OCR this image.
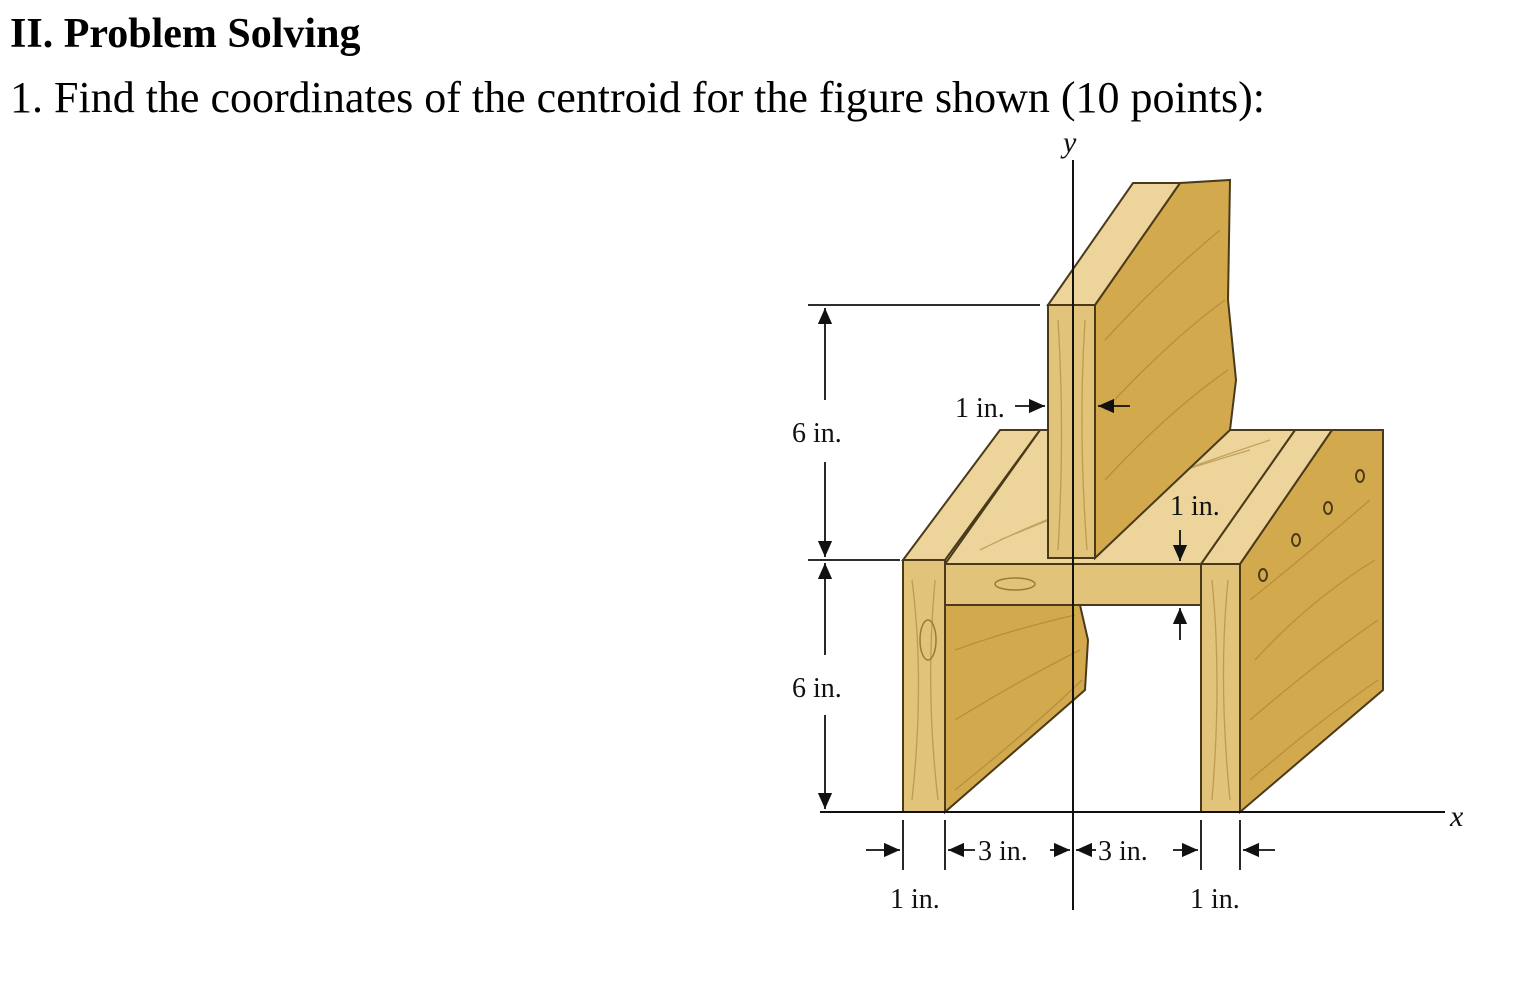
II. Problem Solving

1. Find the coordinates of the centroid for the figure shown (10 points):

y
x
6 in.
6 in.
1 in.
1 in.
3 in.	3 in.
1 in.	1 in.
